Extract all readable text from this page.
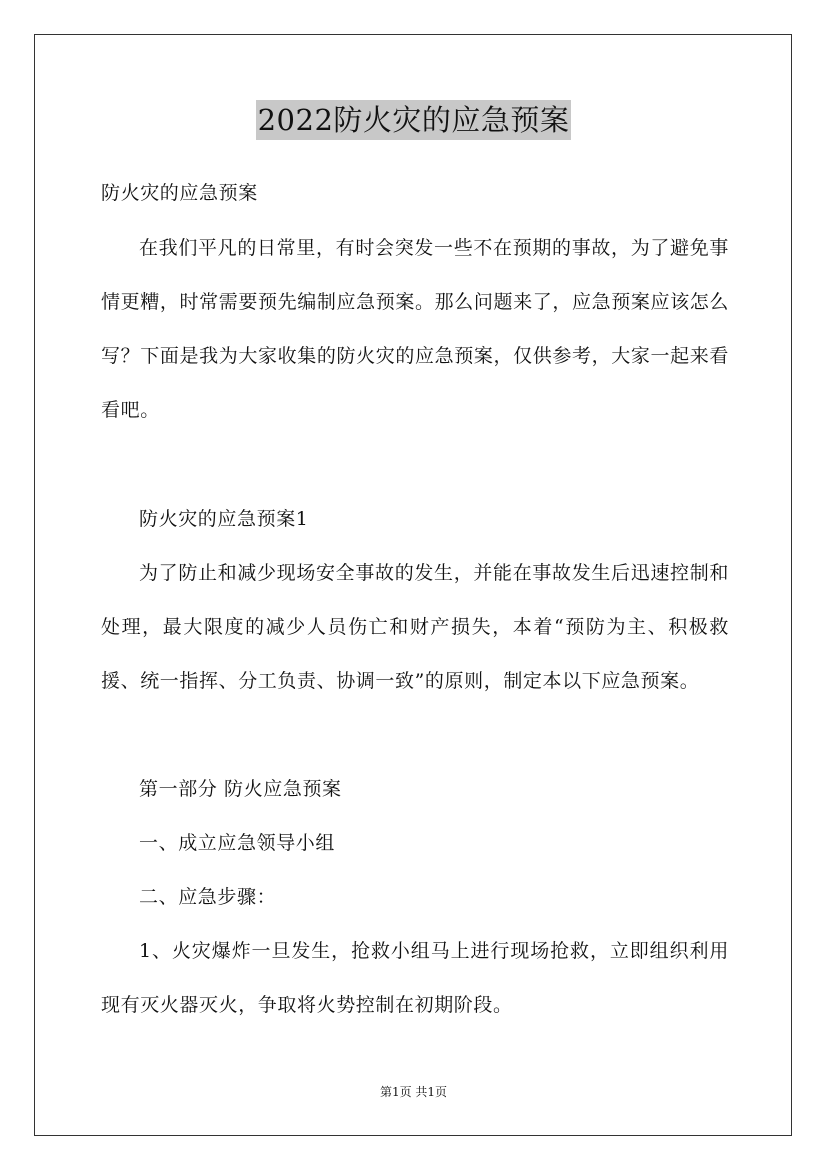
2022防火灾的应急预案

防火灾的应急预案

在我们平凡的日常里，有时会突发一些不在预期的事故，为了避免事情更糟，时常需要预先编制应急预案。那么问题来了，应急预案应该怎么写？下面是我为大家收集的防火灾的应急预案，仅供参考，大家一起来看看吧。

防火灾的应急预案1

为了防止和减少现场安全事故的发生，并能在事故发生后迅速控制和处理，最大限度的减少人员伤亡和财产损失，本着“预防为主、积极救援、统一指挥、分工负责、协调一致”的原则，制定本以下应急预案。

第一部分 防火应急预案

一、成立应急领导小组

二、应急步骤：

1、火灾爆炸一旦发生，抢救小组马上进行现场抢救，立即组织利用现有灭火器灭火，争取将火势控制在初期阶段。

第1页 共1页
